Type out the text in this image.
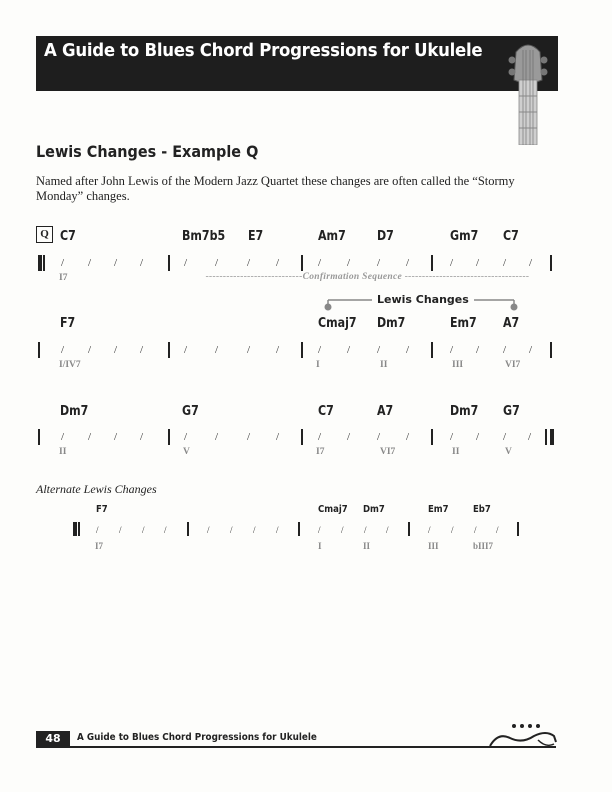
A Guide to Blues Chord Progressions for Ukulele
Lewis Changes - Example Q
Named after John Lewis of the Modern Jazz Quartet these changes are often called the “Stormy Monday” changes.
Q C7	Bm7b5 E7	Am7 D7	Gm7 C7
/ / / /	/	/	/ /	/ / / /	/ / / /
I7	----------------------------Confirmation Sequence ------------------------------------
Lewis Changes
F7	Cmaj7 Dm7	Em7 A7
/ / / /	/	/	/ /	/ / / /	/ / / /
I/IV7	I	II	III	VI7
Dm7	G7	C7	A7	Dm7 G7
/ / / /	/	/	/ /	/ / / /	/ / / /
II	V	I7	VI7	II	V
Alternate Lewis Changes
F7	Cmaj7 Dm7	Em7 Eb7
/ / / /	/ / / /	/ / / /	/ / / /
I7	I	II	III	bIII7
48	A Guide to Blues Chord Progressions for Ukulele
